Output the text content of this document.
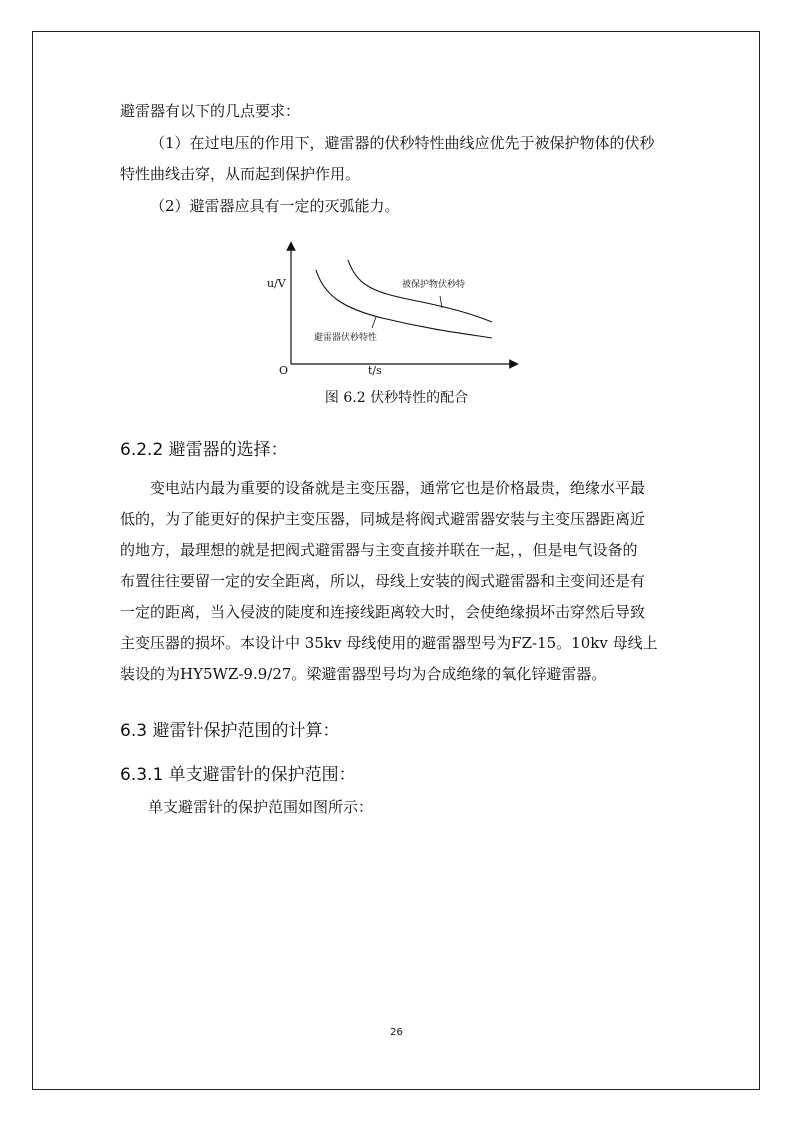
避雷器有以下的几点要求：
（1）在过电压的作用下，避雷器的伏秒特性曲线应优先于被保护物体的伏秒
特性曲线击穿，从而起到保护作用。
（2）避雷器应具有一定的灭弧能力。
u/V
t/s
O
被保护物伏秒特
避雷器伏秒特性
图 6.2 伏秒特性的配合
6.2.2 避雷器的选择：
变电站内最为重要的设备就是主变压器，通常它也是价格最贵，绝缘水平最
低的，为了能更好的保护主变压器，同城是将阀式避雷器安装与主变压器距离近
的地方，最理想的就是把阀式避雷器与主变直接并联在一起，，但是电气设备的
布置往往要留一定的安全距离，所以，母线上安装的阀式避雷器和主变间还是有
一定的距离，当入侵波的陡度和连接线距离较大时，会使绝缘损坏击穿然后导致
主变压器的损坏。本设计中 35kv 母线使用的避雷器型号为FZ-15。10kv 母线上
装设的为HY5WZ-9.9/27。梁避雷器型号均为合成绝缘的氧化锌避雷器。
6.3 避雷针保护范围的计算：
6.3.1 单支避雷针的保护范围：
单支避雷针的保护范围如图所示：
26
